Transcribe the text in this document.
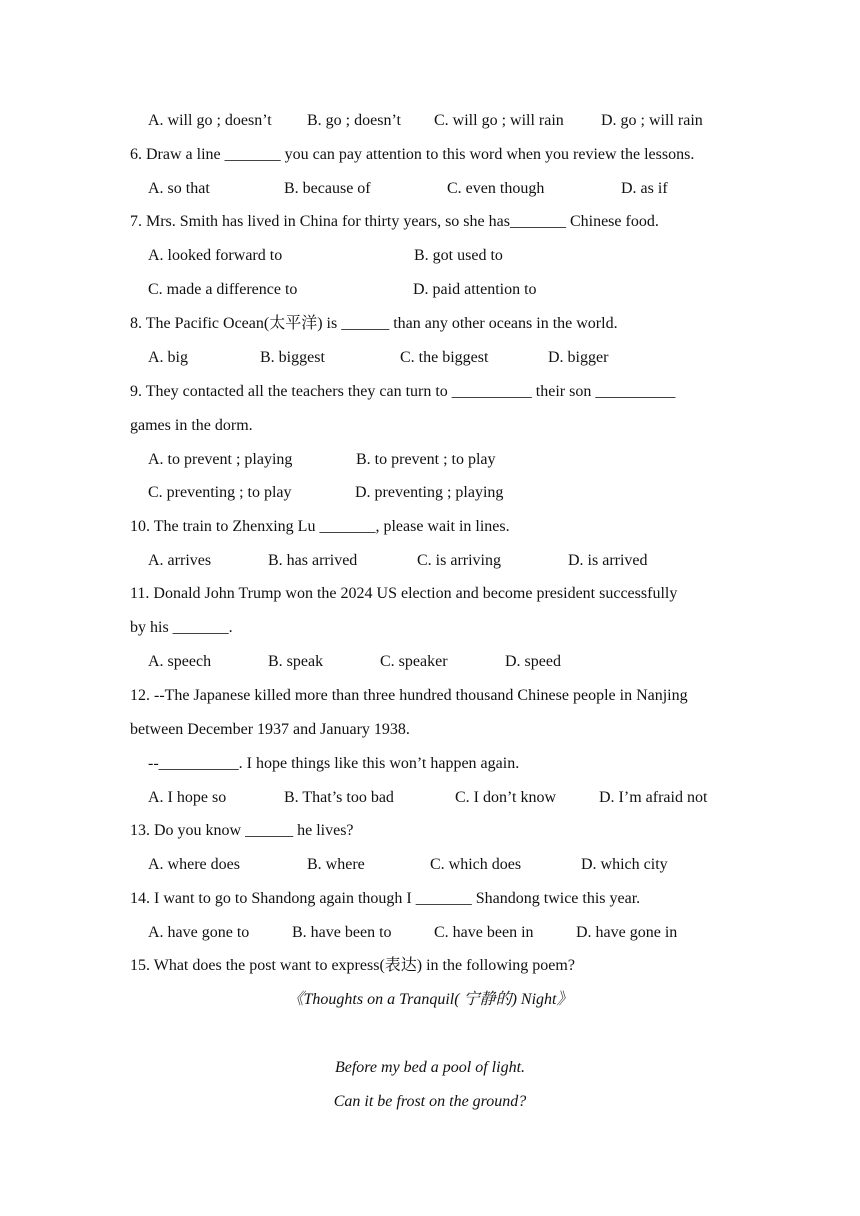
A. will go ; doesn’t B. go ; doesn’t C. will go ; will rain D. go ; will rain
6. Draw a line _______ you can pay attention to this word when you review the lessons.
A. so that	B. because of	C. even though	D. as if
7. Mrs. Smith has lived in China for thirty years, so she has_______ Chinese food.
A. looked forward to	B. got used to
C. made a difference to	D. paid attention to
8. The Pacific Ocean(太平洋) is ______ than any other oceans in the world.
A. big	B. biggest	C. the biggest	D. bigger
9. They contacted all the teachers they can turn to __________ their son __________
games in the dorm.
A. to prevent ; playing	B. to prevent ; to play
C. preventing ; to play	D. preventing ; playing
10. The train to Zhenxing Lu _______, please wait in lines.
A. arrives	B. has arrived	C. is arriving	D. is arrived
11. Donald John Trump won the 2024 US election and become president successfully
by his _______.
A. speech	B. speak	C. speaker	D. speed
12. --The Japanese killed more than three hundred thousand Chinese people in Nanjing
between December 1937 and January 1938.
--__________. I hope things like this won’t happen again.
A. I hope so	B. That’s too bad	C. I don’t know	D. I’m afraid not
13. Do you know ______ he lives?
A. where does	B. where	C. which does	D. which city
14. I want to go to Shandong again though I _______ Shandong twice this year.
A. have gone to	B. have been to	C. have been in	D. have gone in
15. What does the post want to express(表达) in the following poem?
《Thoughts on a Tranquil( 宁静的) Night》
Before my bed a pool of light.
Can it be frost on the ground?
